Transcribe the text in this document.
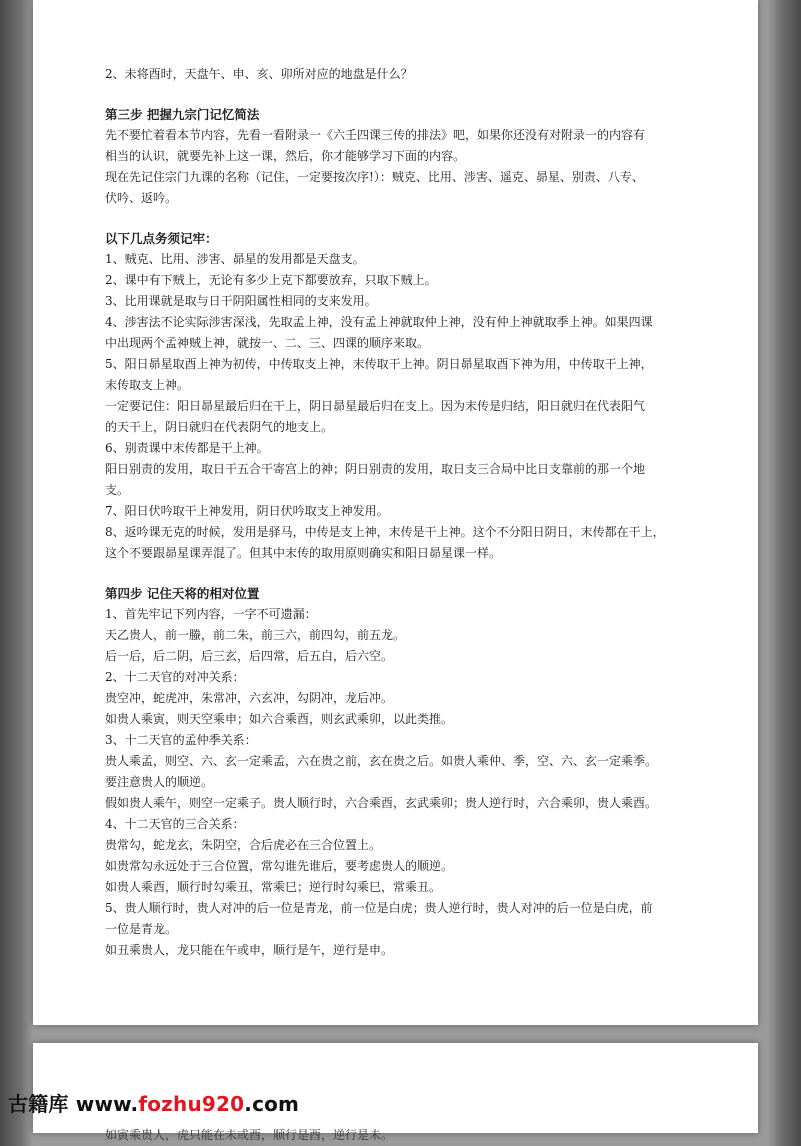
2、未将酉时，天盘午、申、亥、卯所对应的地盘是什么？

第三步 把握九宗门记忆简法

先不要忙着看本节内容，先看一看附录一《六壬四课三传的排法》吧，如果你还没有对附录一的内容有

相当的认识，就要先补上这一课，然后，你才能够学习下面的内容。

现在先记住宗门九课的名称（记住，一定要按次序!）：贼克、比用、涉害、遥克、昴星、别责、八专、

伏吟、返吟。

以下几点务须记牢：

1、贼克、比用、涉害、昴星的发用都是天盘支。

2、课中有下贼上，无论有多少上克下都要放弃，只取下贼上。

3、比用课就是取与日干阴阳属性相同的支来发用。

4、涉害法不论实际涉害深浅，先取孟上神，没有孟上神就取仲上神，没有仲上神就取季上神。如果四课

中出现两个孟神贼上神，就按一、二、三、四课的顺序来取。

5、阳日昴星取酉上神为初传，中传取支上神，末传取干上神。阴日昴星取酉下神为用，中传取干上神，

末传取支上神。

一定要记住：阳日昴星最后归在干上，阴日昴星最后归在支上。因为末传是归结，阳日就归在代表阳气

的天干上，阴日就归在代表阴气的地支上。

6、别责课中末传都是干上神。

阳日别责的发用，取日干五合干寄宫上的神；阴日别责的发用，取日支三合局中比日支靠前的那一个地

支。

7、阳日伏吟取干上神发用，阴日伏吟取支上神发用。

8、返吟课无克的时候，发用是驿马，中传是支上神，末传是干上神。这个不分阳日阴日，末传都在干上，

这个不要跟昴星课弄混了。但其中末传的取用原则确实和阳日昴星课一样。

第四步 记住天将的相对位置

1、首先牢记下列内容，一字不可遗漏：

天乙贵人，前一螣，前二朱，前三六，前四勾，前五龙。

后一后，后二阴，后三玄，后四常，后五白，后六空。

2、十二天官的对冲关系：

贵空冲，蛇虎冲，朱常冲，六玄冲，勾阴冲，龙后冲。

如贵人乘寅，则天空乘申；如六合乘酉，则玄武乘卯，以此类推。

3、十二天官的孟仲季关系：

贵人乘孟，则空、六、玄一定乘孟，六在贵之前，玄在贵之后。如贵人乘仲、季，空、六、玄一定乘季。

要注意贵人的顺逆。

假如贵人乘午，则空一定乘子。贵人顺行时，六合乘酉，玄武乘卯；贵人逆行时，六合乘卯，贵人乘酉。

4、十二天官的三合关系：

贵常勾，蛇龙玄，朱阴空，合后虎必在三合位置上。

如贵常勾永远处于三合位置，常勾谁先谁后，要考虑贵人的顺逆。

如贵人乘酉，顺行时勾乘丑，常乘巳；逆行时勾乘巳，常乘丑。

5、贵人顺行时，贵人对冲的后一位是青龙，前一位是白虎；贵人逆行时，贵人对冲的后一位是白虎，前

一位是青龙。

如丑乘贵人，龙只能在午或申，顺行是午，逆行是申。

如寅乘贵人，虎只能在未或酉，顺行是酉，逆行是未。

古籍库 www.fozhu920.com
